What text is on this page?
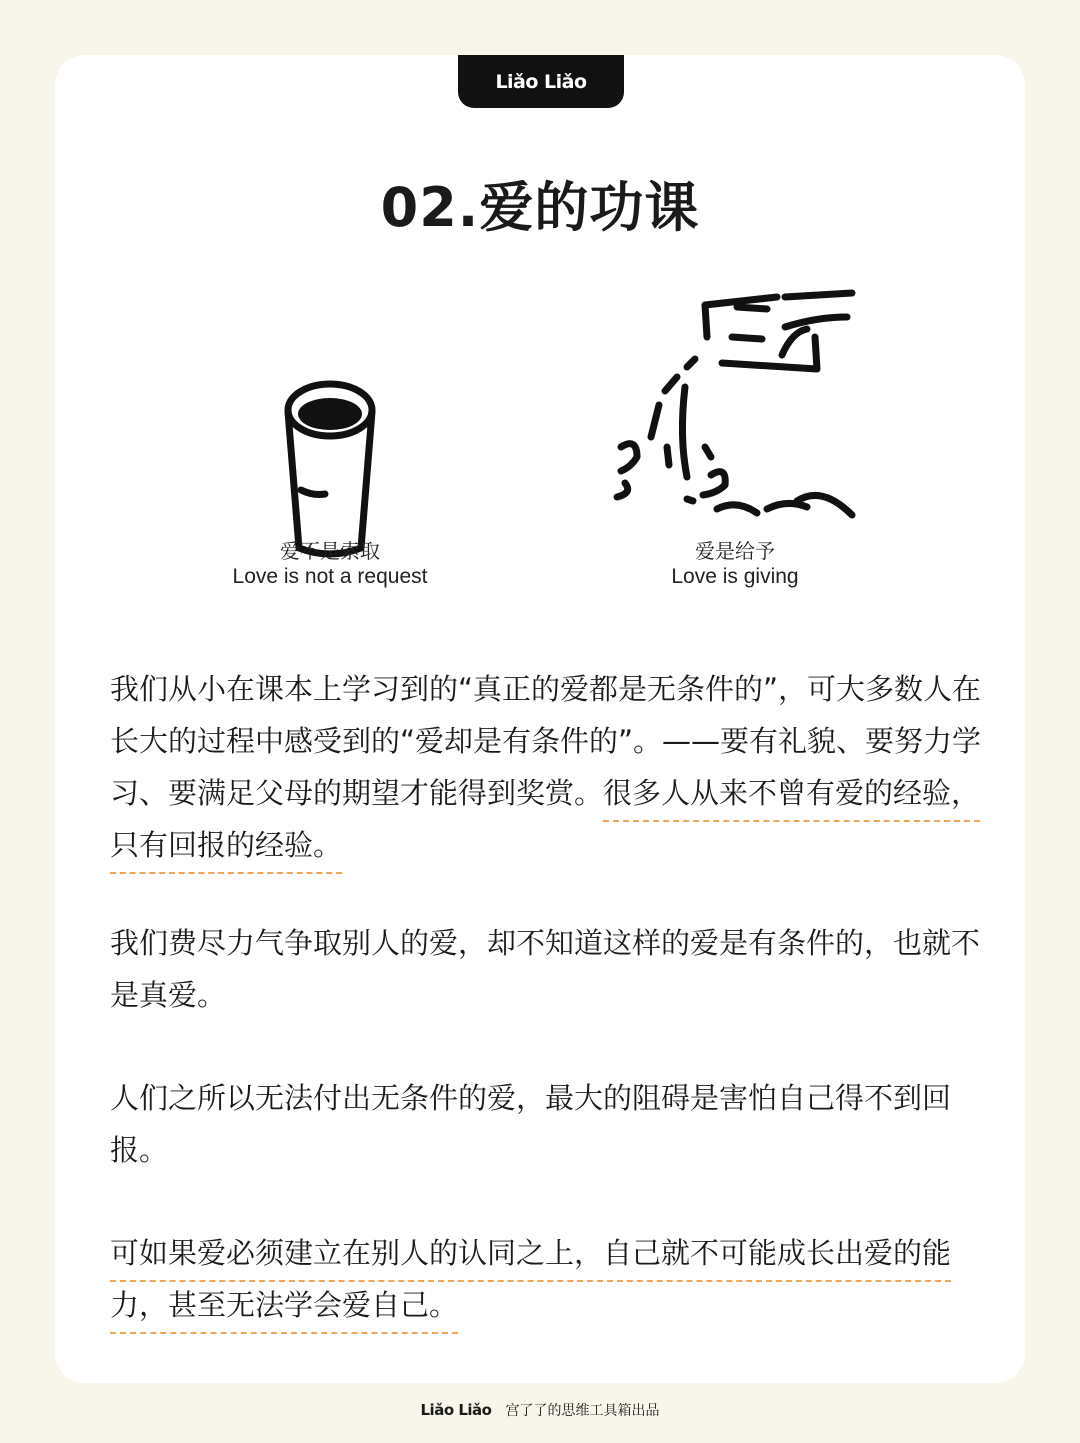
Liǎo Liǎo
02.爱的功课
爱不是索取
Love is not a request
爱是给予
Love is giving

我们从小在课本上学习到的“真正的爱都是无条件的”，可大多数人在长大的过程中感受到的“爱却是有条件的”。——要有礼貌、要努力学习、要满足父母的期望才能得到奖赏。很多人从来不曾有爱的经验，只有回报的经验。

我们费尽力气争取别人的爱，却不知道这样的爱是有条件的，也就不是真爱。

人们之所以无法付出无条件的爱，最大的阻碍是害怕自己得不到回报。

可如果爱必须建立在别人的认同之上，自己就不可能成长出爱的能力，甚至无法学会爱自己。

Liǎo Liǎo 宫了了的思维工具箱出品
